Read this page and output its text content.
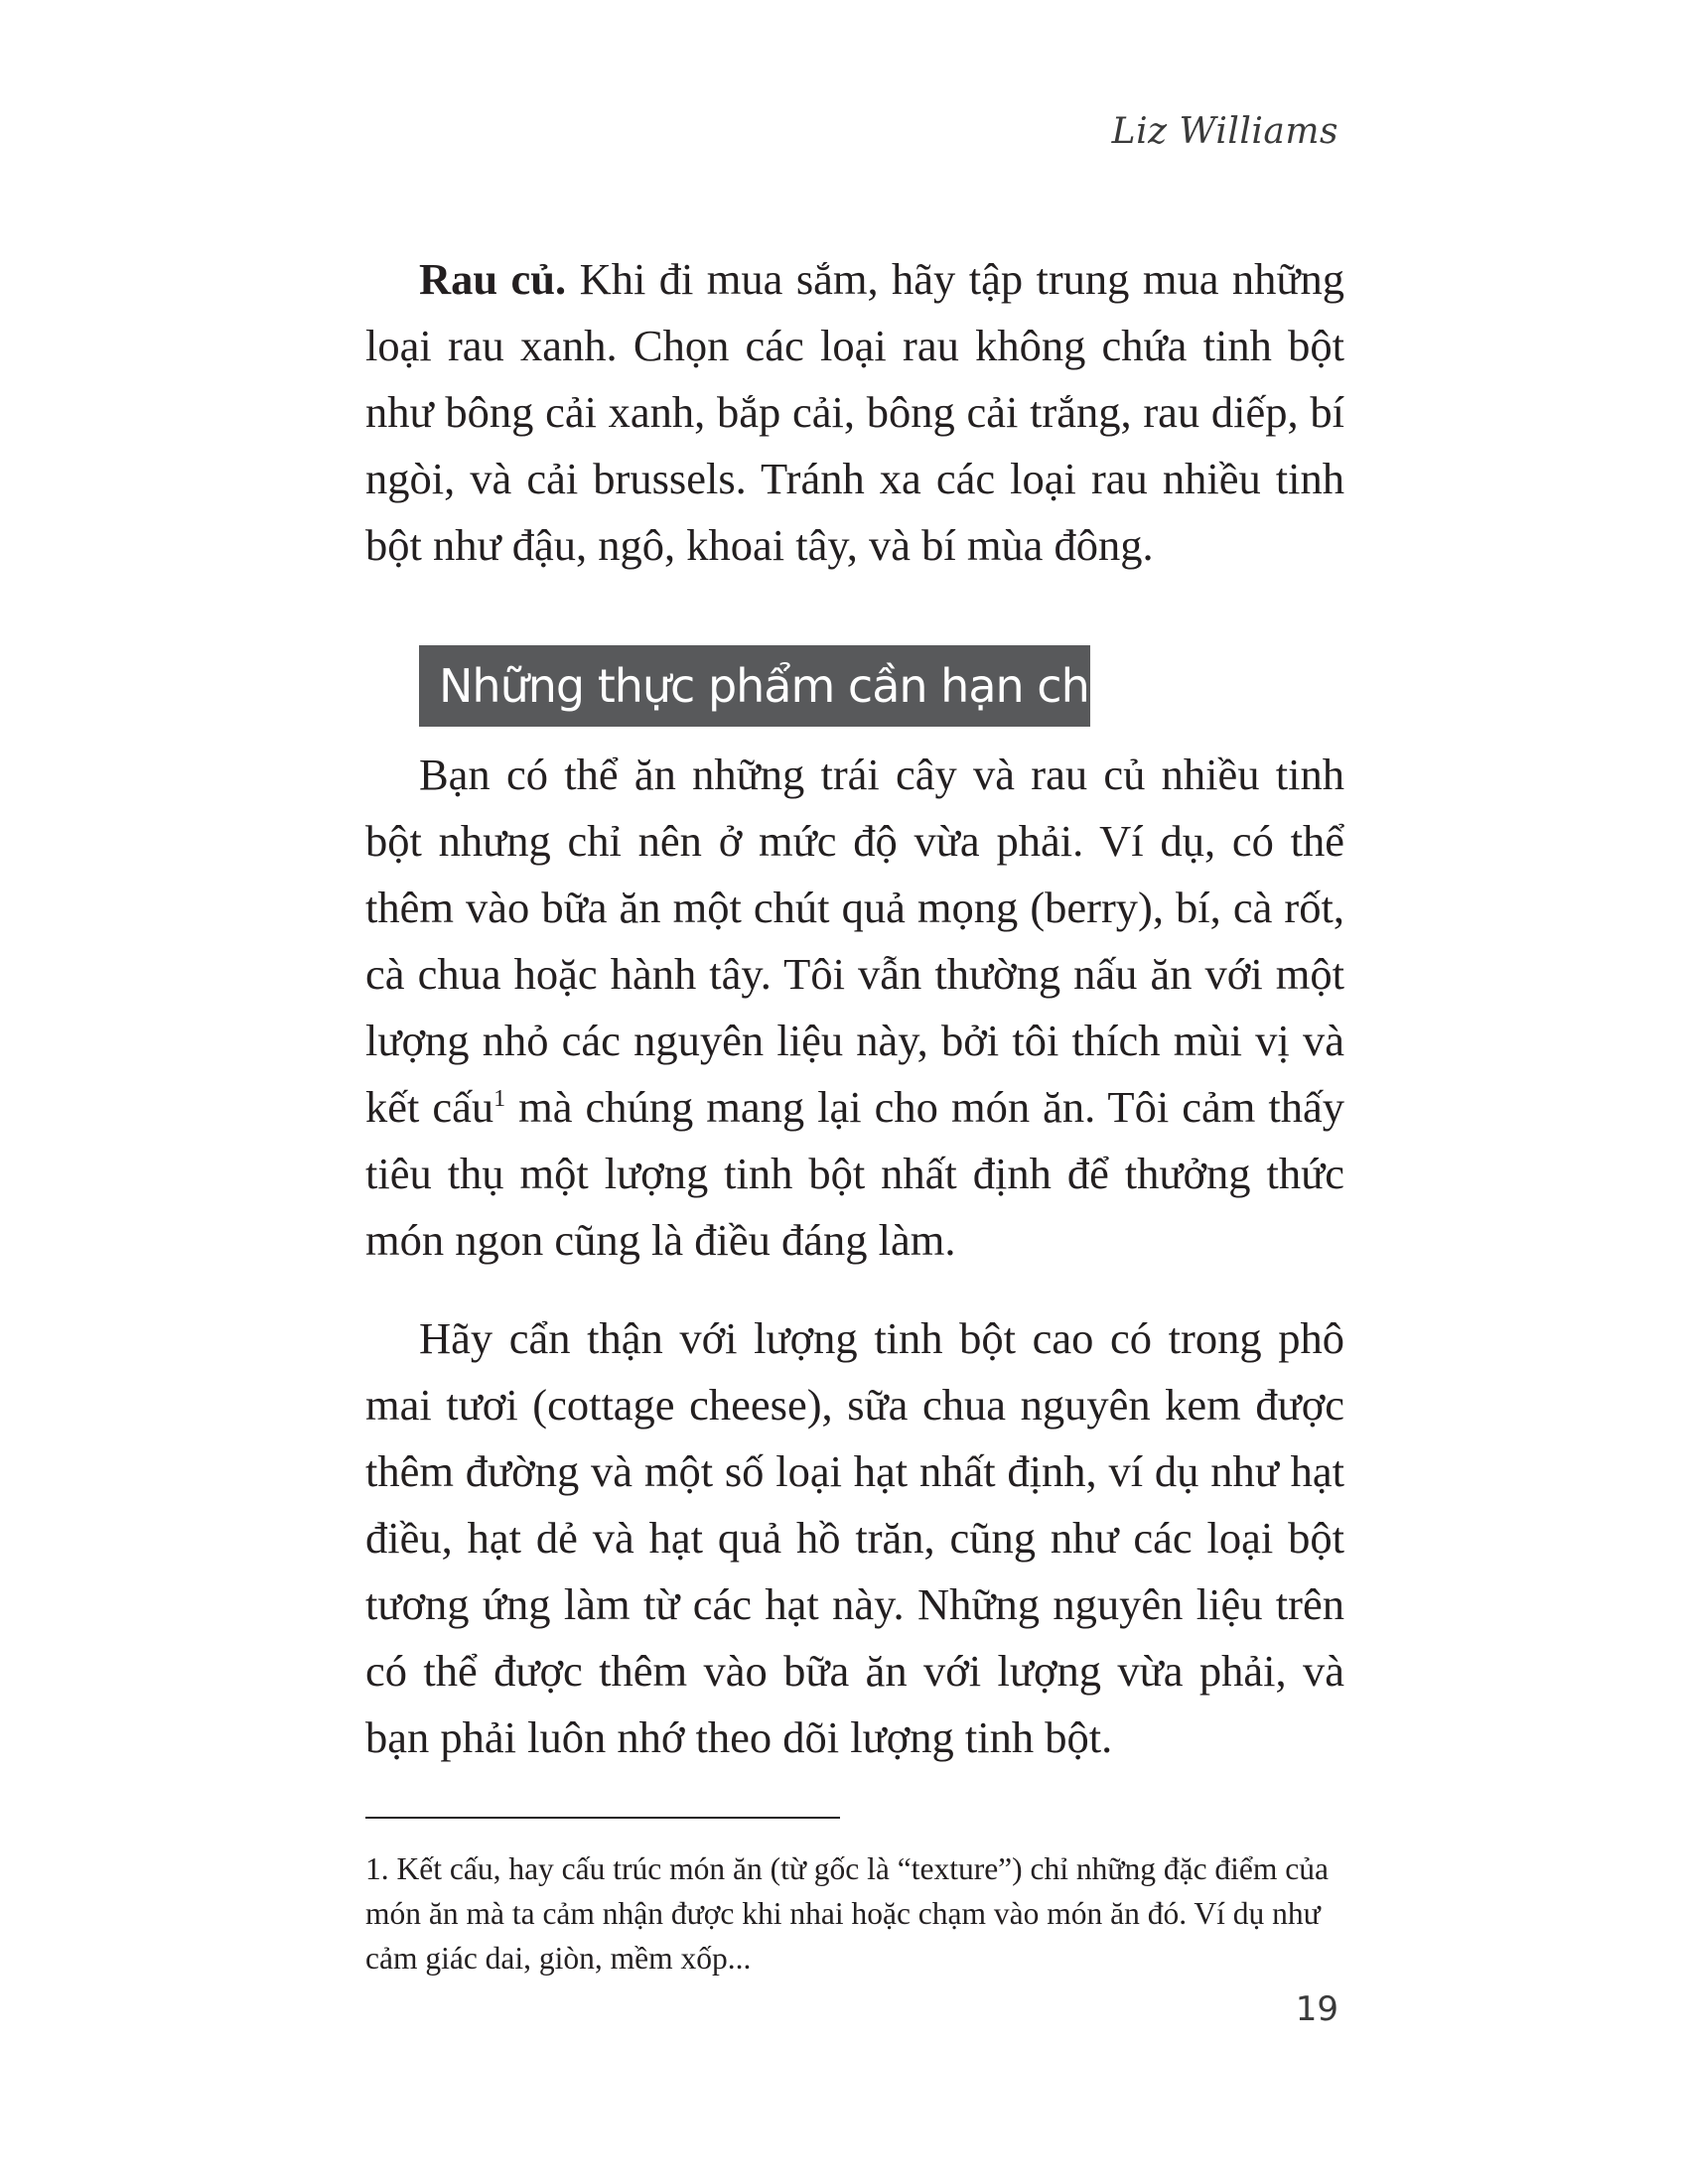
Liz Williams

Rau củ. Khi đi mua sắm, hãy tập trung mua những loại rau xanh. Chọn các loại rau không chứa tinh bột như bông cải xanh, bắp cải, bông cải trắng, rau diếp, bí ngòi, và cải brussels. Tránh xa các loại rau nhiều tinh bột như đậu, ngô, khoai tây, và bí mùa đông.

Những thực phẩm cần hạn chế

Bạn có thể ăn những trái cây và rau củ nhiều tinh bột nhưng chỉ nên ở mức độ vừa phải. Ví dụ, có thể thêm vào bữa ăn một chút quả mọng (berry), bí, cà rốt, cà chua hoặc hành tây. Tôi vẫn thường nấu ăn với một lượng nhỏ các nguyên liệu này, bởi tôi thích mùi vị và kết cấu$^1$ mà chúng mang lại cho món ăn. Tôi cảm thấy tiêu thụ một lượng tinh bột nhất định để thưởng thức món ngon cũng là điều đáng làm.

Hãy cẩn thận với lượng tinh bột cao có trong phô mai tươi (cottage cheese), sữa chua nguyên kem được thêm đường và một số loại hạt nhất định, ví dụ như hạt điều, hạt dẻ và hạt quả hồ trăn, cũng như các loại bột tương ứng làm từ các hạt này. Những nguyên liệu trên có thể được thêm vào bữa ăn với lượng vừa phải, và bạn phải luôn nhớ theo dõi lượng tinh bột.

1. Kết cấu, hay cấu trúc món ăn (từ gốc là “texture”) chỉ những đặc điểm của món ăn mà ta cảm nhận được khi nhai hoặc chạm vào món ăn đó. Ví dụ như cảm giác dai, giòn, mềm xốp...

19
